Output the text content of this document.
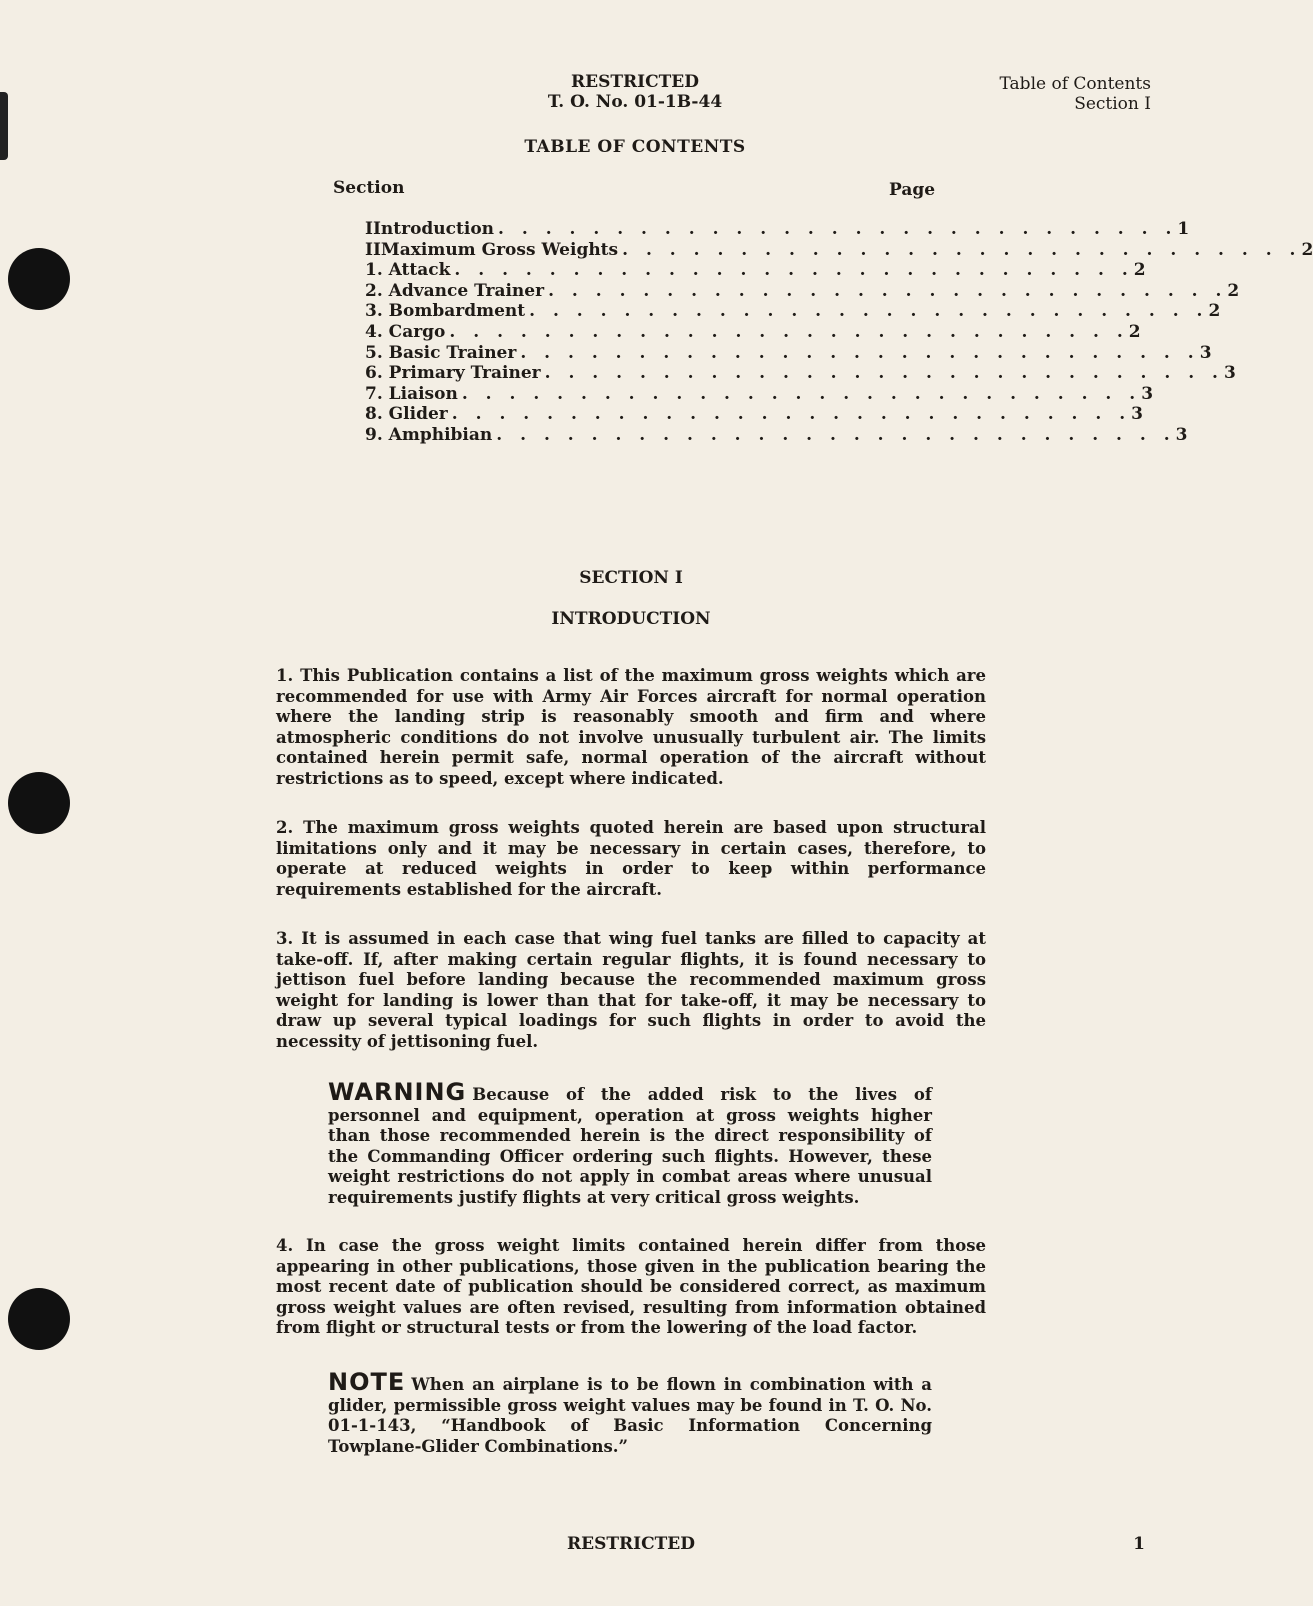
RESTRICTED
T. O. No. 01-1B-44
Table of Contents
Section I
TABLE OF CONTENTS
Section	Page
I Introduction . . . . . . . . . . . . . . . . . . . . . . . . . . . . . 1
II Maximum Gross Weights . . . . . . . . . . . . . . . . . . . . . . . . . . . . . 2
1. Attack . . . . . . . . . . . . . . . . . . . . . . . . . . . . . 2
2. Advance Trainer . . . . . . . . . . . . . . . . . . . . . . . . . . . . . 2
3. Bombardment . . . . . . . . . . . . . . . . . . . . . . . . . . . . . 2
4. Cargo . . . . . . . . . . . . . . . . . . . . . . . . . . . . . 2
5. Basic Trainer . . . . . . . . . . . . . . . . . . . . . . . . . . . . . 3
6. Primary Trainer . . . . . . . . . . . . . . . . . . . . . . . . . . . . . 3
7. Liaison . . . . . . . . . . . . . . . . . . . . . . . . . . . . . 3
8. Glider . . . . . . . . . . . . . . . . . . . . . . . . . . . . . 3
9. Amphibian . . . . . . . . . . . . . . . . . . . . . . . . . . . . . 3
SECTION I
INTRODUCTION

1. This Publication contains a list of the maximum gross weights which are recommended for use with Army Air Forces aircraft for normal operation where the landing strip is reasonably smooth and firm and where atmospheric conditions do not involve unusually turbulent air. The limits contained herein permit safe, normal operation of the aircraft without restrictions as to speed, except where indicated.

2. The maximum gross weights quoted herein are based upon structural limitations only and it may be necessary in certain cases, therefore, to operate at reduced weights in order to keep within performance requirements established for the aircraft.

3. It is assumed in each case that wing fuel tanks are filled to capacity at take-off. If, after making certain regular flights, it is found necessary to jettison fuel before landing because the recommended maximum gross weight for landing is lower than that for take-off, it may be necessary to draw up several typical loadings for such flights in order to avoid the necessity of jettisoning fuel.

WARNING Because of the added risk to the lives of personnel and equipment, operation at gross weights higher than those recommended herein is the direct responsibility of the Commanding Officer ordering such flights. However, these weight restrictions do not apply in combat areas where unusual requirements justify flights at very critical gross weights.

4. In case the gross weight limits contained herein differ from those appearing in other publications, those given in the publication bearing the most recent date of publication should be considered correct, as maximum gross weight values are often revised, resulting from information obtained from flight or structural tests or from the lowering of the load factor.

NOTE When an airplane is to be flown in combination with a glider, permissible gross weight values may be found in T. O. No. 01-1-143, “Handbook of Basic Information Concerning Towplane-Glider Combinations.”

RESTRICTED	1
